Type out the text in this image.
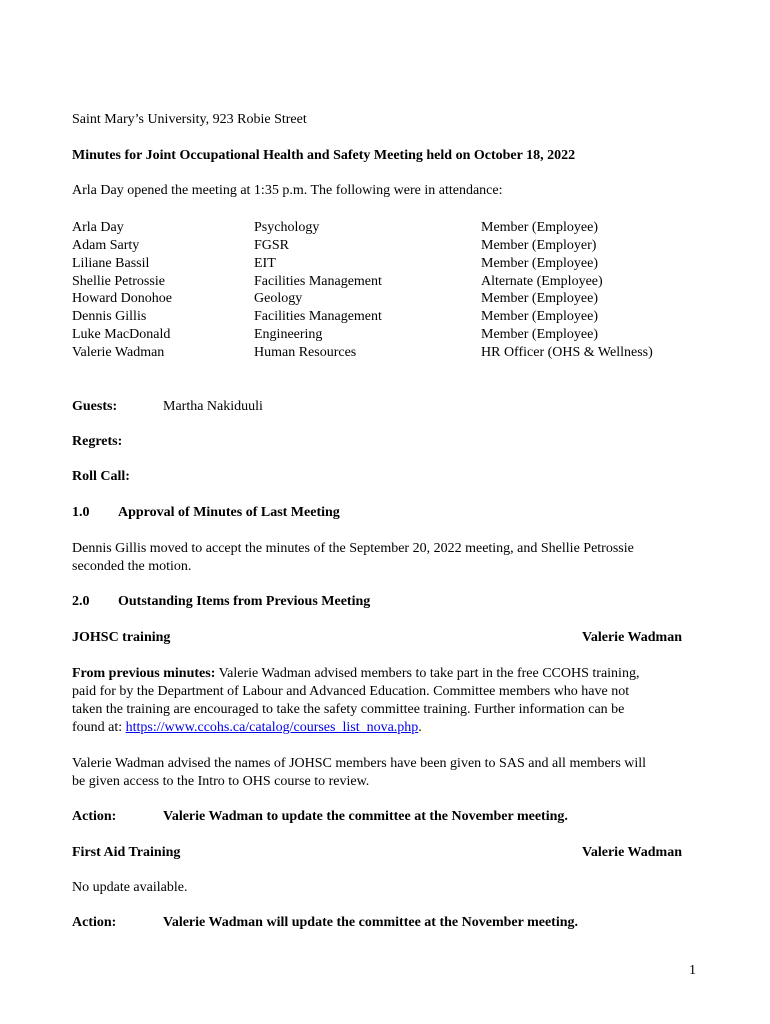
Saint Mary’s University, 923 Robie Street
Minutes for Joint Occupational Health and Safety Meeting held on October 18, 2022
Arla Day opened the meeting at 1:35 p.m. The following were in attendance:
Arla Day	Psychology	Member (Employee)
Adam Sarty	FGSR	Member (Employer)
Liliane Bassil	EIT	Member (Employee)
Shellie Petrossie	Facilities Management	Alternate (Employee)
Howard Donohoe	Geology	Member (Employee)
Dennis Gillis	Facilities Management	Member (Employee)
Luke MacDonald	Engineering	Member (Employee)
Valerie Wadman	Human Resources	HR Officer (OHS & Wellness)
Guests:	Martha Nakiduuli
Regrets:
Roll Call:
1.0 Approval of Minutes of Last Meeting
Dennis Gillis moved to accept the minutes of the September 20, 2022 meeting, and Shellie Petrossie
seconded the motion.
2.0 Outstanding Items from Previous Meeting
JOHSC training	Valerie Wadman
From previous minutes: Valerie Wadman advised members to take part in the free CCOHS training,
paid for by the Department of Labour and Advanced Education. Committee members who have not
taken the training are encouraged to take the safety committee training. Further information can be
found at: https://www.ccohs.ca/catalog/courses_list_nova.php.
Valerie Wadman advised the names of JOHSC members have been given to SAS and all members will
be given access to the Intro to OHS course to review.
Action:	Valerie Wadman to update the committee at the November meeting.
First Aid Training	Valerie Wadman
No update available.
Action:	Valerie Wadman will update the committee at the November meeting.
1
